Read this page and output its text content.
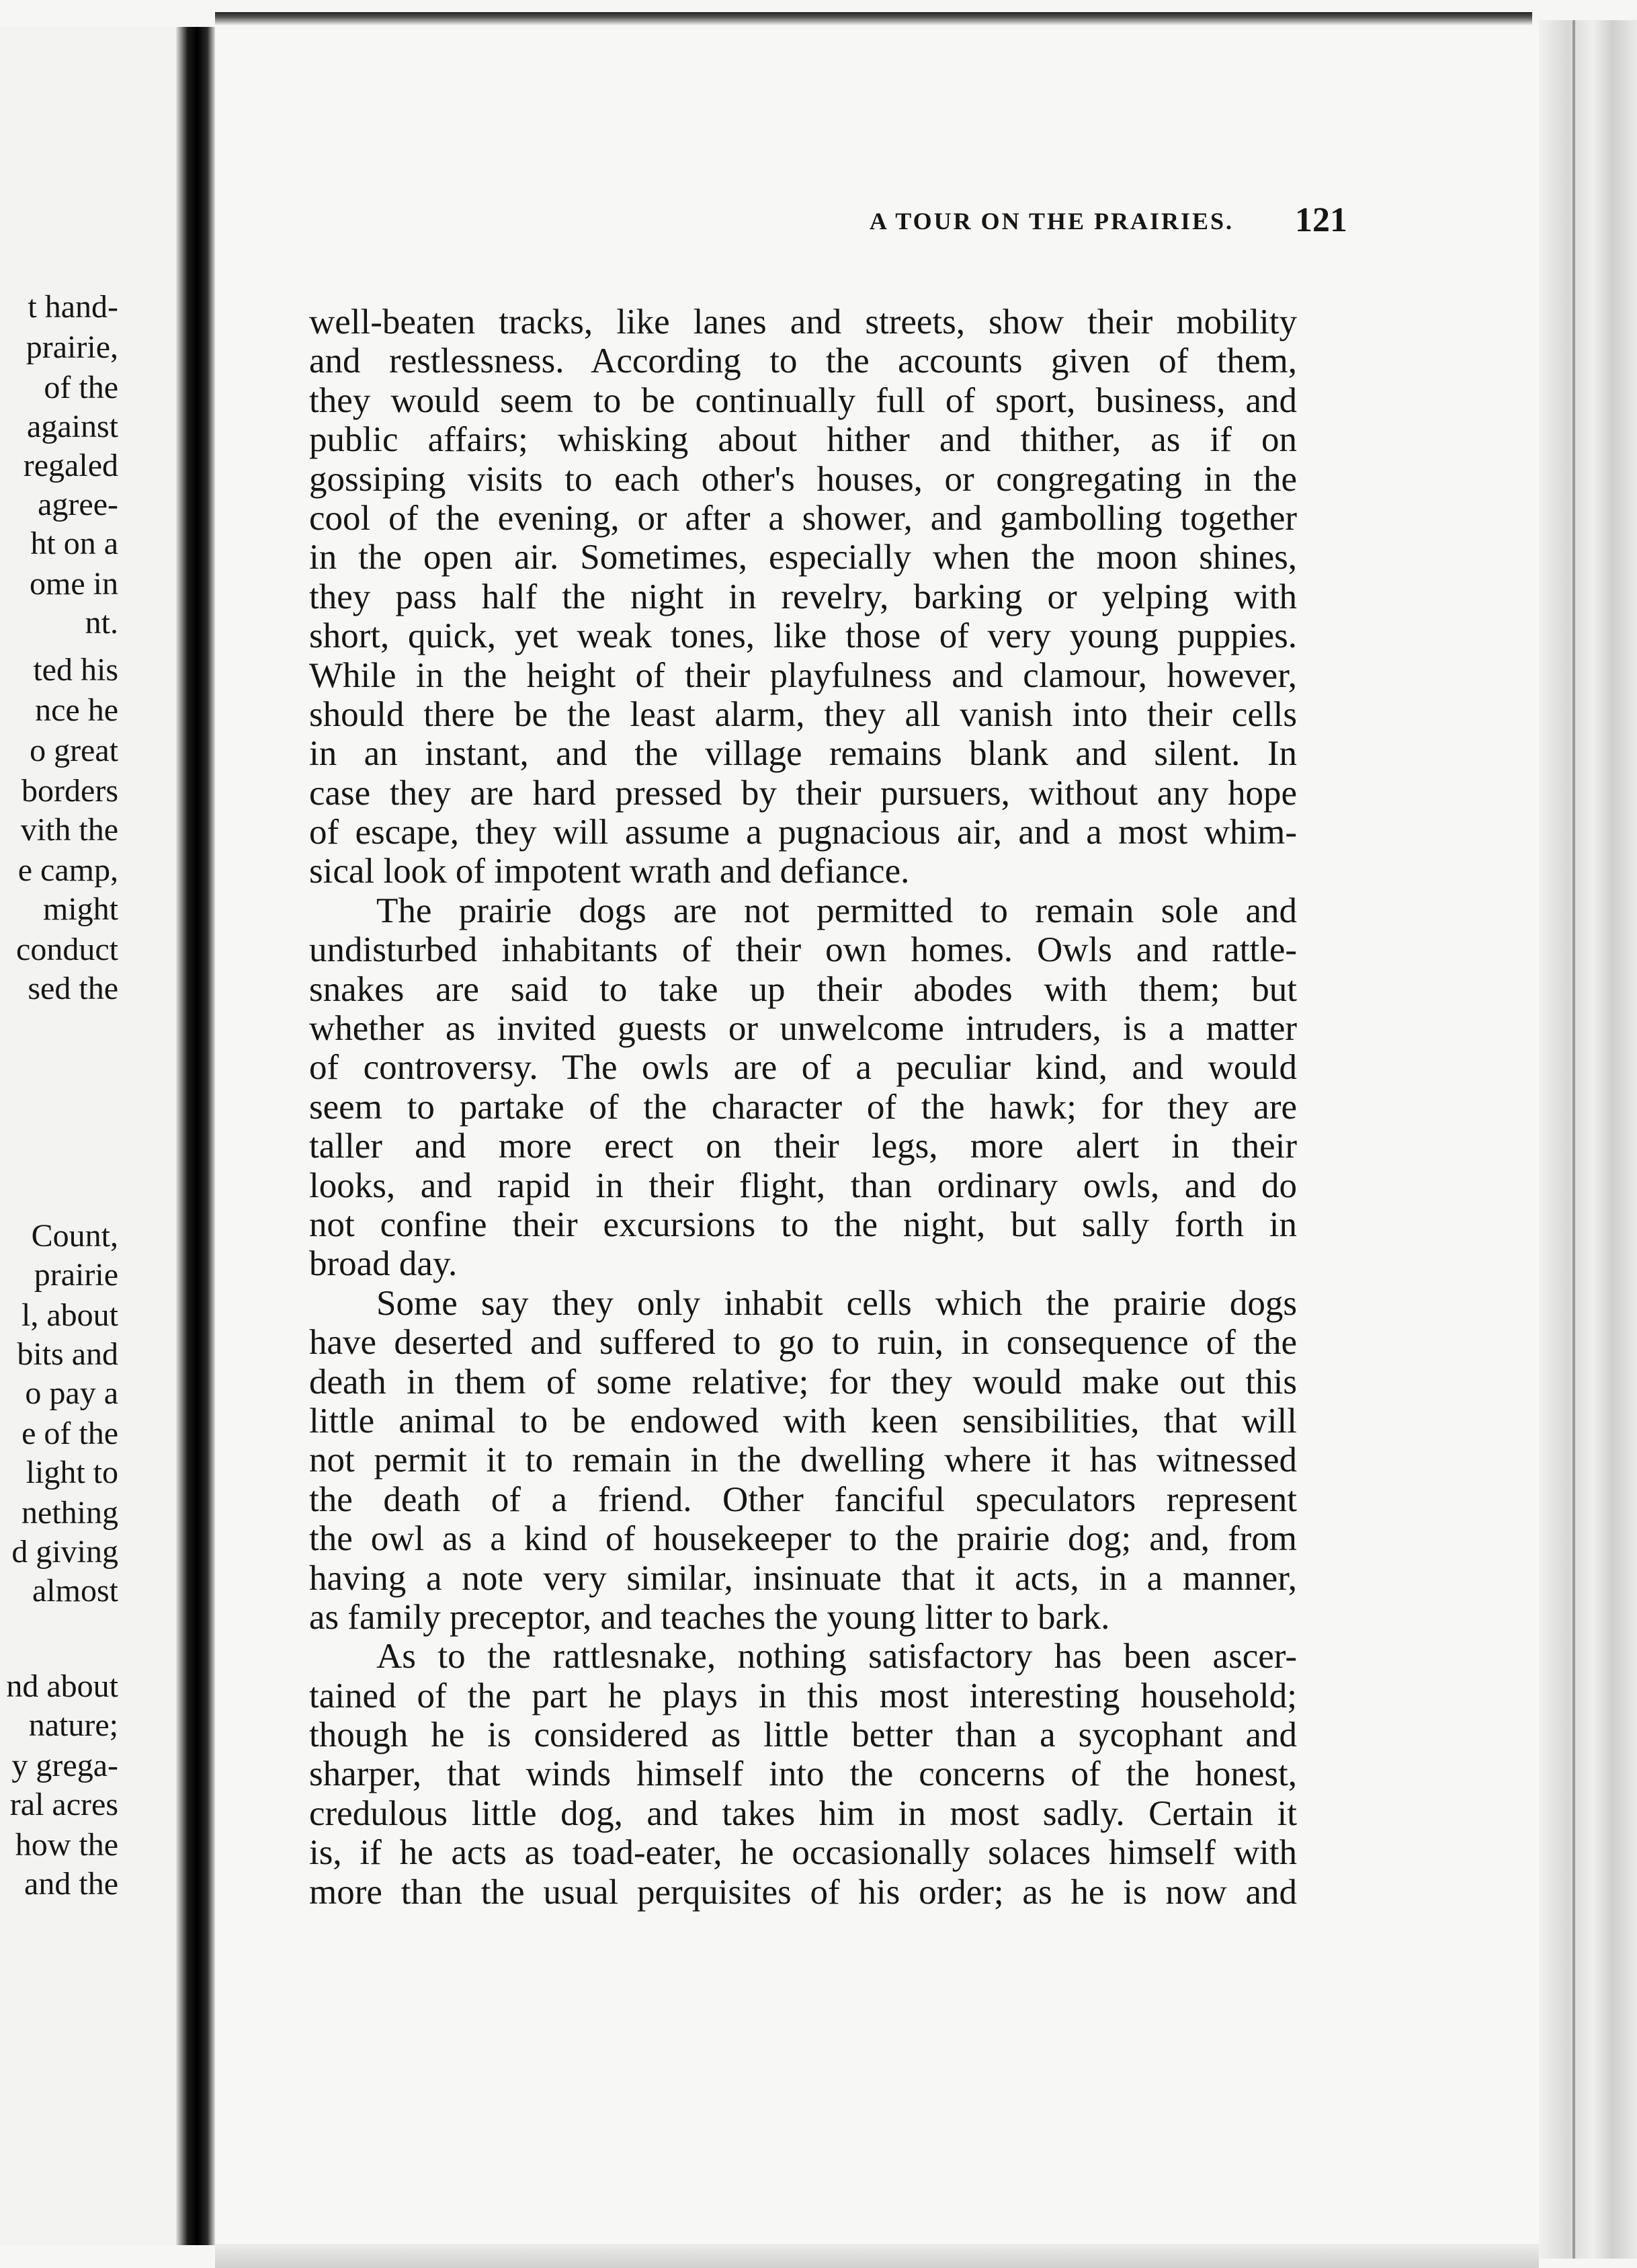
t hand-
prairie,
of the
against
regaled
agree-
ht on a
ome in
nt.
ted his
nce he
o great
borders
vith the
e camp,
might
conduct
sed the
Count,
prairie
l, about
bits and
o pay a
e of the
light to
nething
d giving
almost
nd about
nature;
y grega-
ral acres
how the
and the
A TOUR ON THE PRAIRIES.	121
well-beaten tracks, like lanes and streets, show their mobility
and restlessness. According to the accounts given of them,
they would seem to be continually full of sport, business, and
public affairs; whisking about hither and thither, as if on
gossiping visits to each other's houses, or congregating in the
cool of the evening, or after a shower, and gambolling together
in the open air. Sometimes, especially when the moon shines,
they pass half the night in revelry, barking or yelping with
short, quick, yet weak tones, like those of very young puppies.
While in the height of their playfulness and clamour, however,
should there be the least alarm, they all vanish into their cells
in an instant, and the village remains blank and silent. In
case they are hard pressed by their pursuers, without any hope
of escape, they will assume a pugnacious air, and a most whim-
sical look of impotent wrath and defiance.
The prairie dogs are not permitted to remain sole and
undisturbed inhabitants of their own homes. Owls and rattle-
snakes are said to take up their abodes with them; but
whether as invited guests or unwelcome intruders, is a matter
of controversy. The owls are of a peculiar kind, and would
seem to partake of the character of the hawk; for they are
taller and more erect on their legs, more alert in their
looks, and rapid in their flight, than ordinary owls, and do
not confine their excursions to the night, but sally forth in
broad day.
Some say they only inhabit cells which the prairie dogs
have deserted and suffered to go to ruin, in consequence of the
death in them of some relative; for they would make out this
little animal to be endowed with keen sensibilities, that will
not permit it to remain in the dwelling where it has witnessed
the death of a friend. Other fanciful speculators represent
the owl as a kind of housekeeper to the prairie dog; and, from
having a note very similar, insinuate that it acts, in a manner,
as family preceptor, and teaches the young litter to bark.
As to the rattlesnake, nothing satisfactory has been ascer-
tained of the part he plays in this most interesting household;
though he is considered as little better than a sycophant and
sharper, that winds himself into the concerns of the honest,
credulous little dog, and takes him in most sadly. Certain it
is, if he acts as toad-eater, he occasionally solaces himself with
more than the usual perquisites of his order; as he is now and
